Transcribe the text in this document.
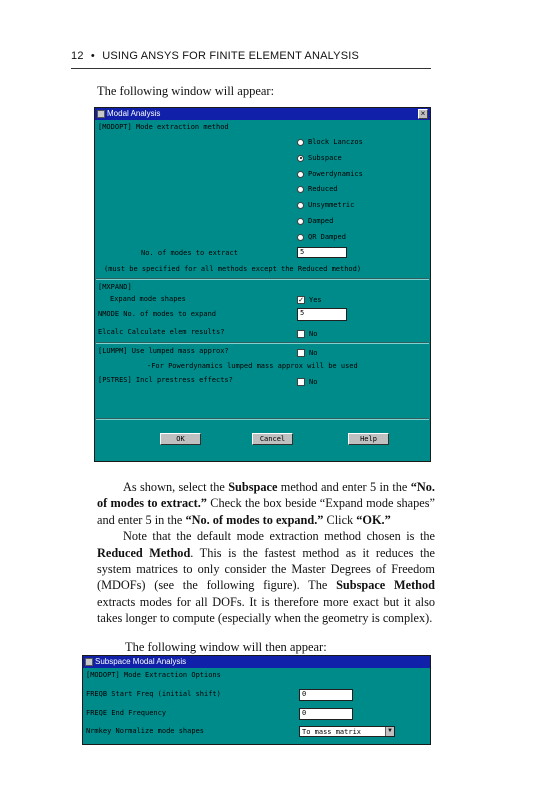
12 • USING ANSYS FOR FINITE ELEMENT ANALYSIS
The following window will appear:
Modal Analysis	×
[MODOPT] Mode extraction method
Block Lanczos
Subspace
Powerdynamics
Reduced
Unsymmetric
Damped
QR Damped
No. of modes to extract	5
(must be specified for all methods except the Reduced method)
[MXPAND]
Expand mode shapes	✓ Yes
NMODE No. of modes to expand	5
Elcalc Calculate elem results?	No
[LUMPM] Use lumped mass approx?	No
-For Powerdynamics lumped mass approx will be used
[PSTRES] Incl prestress effects?	No
OK	Cancel	Help

As shown, select the Subspace method and enter 5 in the “No. of modes to extract.” Check the box beside “Expand mode shapes” and enter 5 in the “No. of modes to expand.” Click “OK.”

Note that the default mode extraction method chosen is the Reduced Method. This is the fastest method as it reduces the system matrices to only consider the Master Degrees of Freedom (MDOFs) (see the following figure). The Subspace Method extracts modes for all DOFs. It is therefore more exact but it also takes longer to compute (especially when the geometry is complex).

The following window will then appear:
Subspace Modal Analysis
[MODOPT] Mode Extraction Options
FREQB Start Freq (initial shift)	0
FREQE End Frequency	0
Nrmkey Normalize mode shapes	To mass matrix	▼
